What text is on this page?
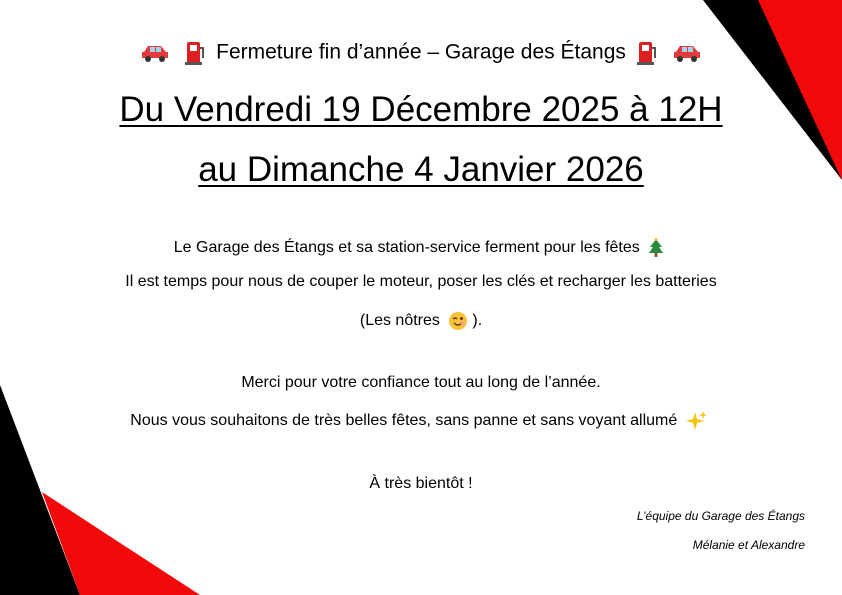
Fermeture fin d’année – Garage des Étangs

Du Vendredi 19 Décembre 2025 à 12H
au Dimanche 4 Janvier 2026
Le Garage des Étangs et sa station-service ferment pour les fêtes
Il est temps pour nous de couper le moteur, poser les clés et recharger les batteries
(Les nôtres ).
Merci pour votre confiance tout au long de l’année.
Nous vous souhaitons de très belles fêtes, sans panne et sans voyant allumé
À très bientôt !
L’équipe du Garage des Étangs
Mélanie et Alexandre
